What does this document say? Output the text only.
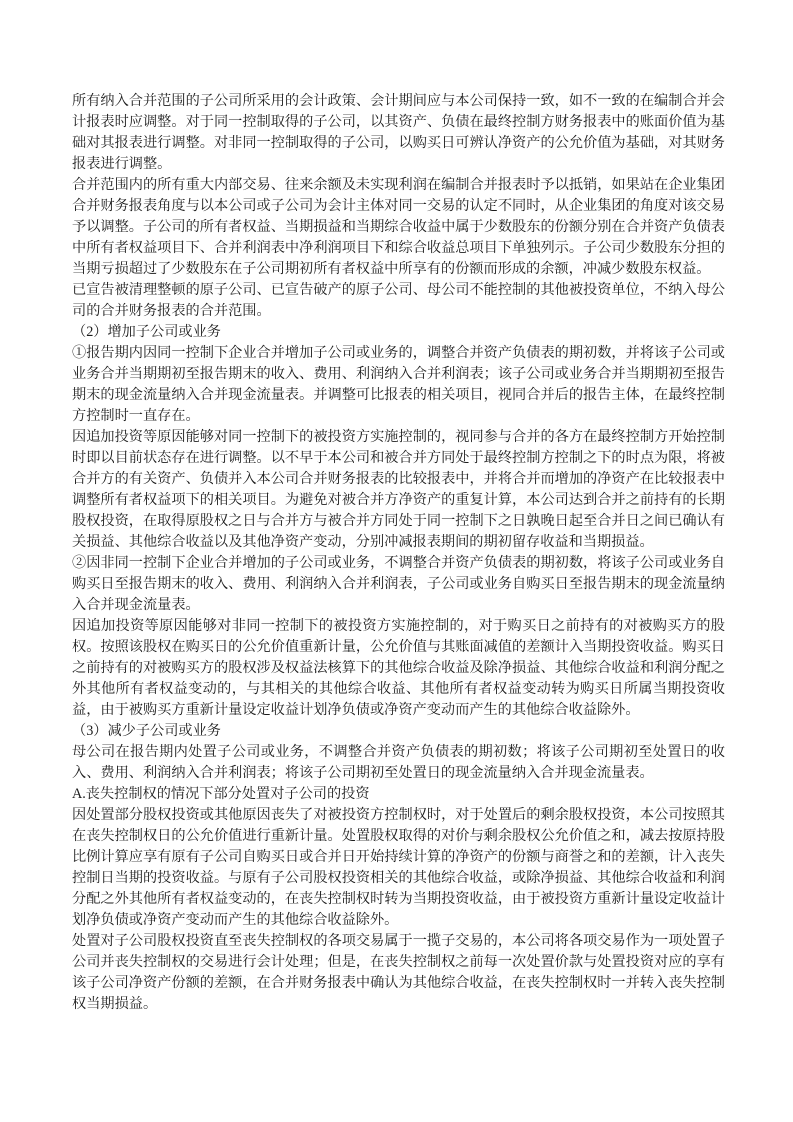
所有纳入合并范围的子公司所采用的会计政策、会计期间应与本公司保持一致，如不一致的在编制合并会计报表时应调整。对于同一控制取得的子公司，以其资产、负债在最终控制方财务报表中的账面价值为基础对其报表进行调整。对非同一控制取得的子公司，以购买日可辨认净资产的公允价值为基础，对其财务报表进行调整。

合并范围内的所有重大内部交易、往来余额及未实现利润在编制合并报表时予以抵销，如果站在企业集团合并财务报表角度与以本公司或子公司为会计主体对同一交易的认定不同时，从企业集团的角度对该交易予以调整。子公司的所有者权益、当期损益和当期综合收益中属于少数股东的份额分别在合并资产负债表中所有者权益项目下、合并利润表中净利润项目下和综合收益总项目下单独列示。子公司少数股东分担的当期亏损超过了少数股东在子公司期初所有者权益中所享有的份额而形成的余额，冲减少数股东权益。

已宣告被清理整顿的原子公司、已宣告破产的原子公司、母公司不能控制的其他被投资单位，不纳入母公司的合并财务报表的合并范围。

（2）增加子公司或业务

①报告期内因同一控制下企业合并增加子公司或业务的，调整合并资产负债表的期初数，并将该子公司或业务合并当期期初至报告期末的收入、费用、利润纳入合并利润表；该子公司或业务合并当期期初至报告期末的现金流量纳入合并现金流量表。并调整可比报表的相关项目，视同合并后的报告主体，在最终控制方控制时一直存在。

因追加投资等原因能够对同一控制下的被投资方实施控制的，视同参与合并的各方在最终控制方开始控制时即以目前状态存在进行调整。以不早于本公司和被合并方同处于最终控制方控制之下的时点为限，将被合并方的有关资产、负债并入本公司合并财务报表的比较报表中，并将合并而增加的净资产在比较报表中调整所有者权益项下的相关项目。为避免对被合并方净资产的重复计算，本公司达到合并之前持有的长期股权投资，在取得原股权之日与合并方与被合并方同处于同一控制下之日孰晚日起至合并日之间已确认有关损益、其他综合收益以及其他净资产变动，分别冲减报表期间的期初留存收益和当期损益。

②因非同一控制下企业合并增加的子公司或业务，不调整合并资产负债表的期初数，将该子公司或业务自购买日至报告期末的收入、费用、利润纳入合并利润表，子公司或业务自购买日至报告期末的现金流量纳入合并现金流量表。

因追加投资等原因能够对非同一控制下的被投资方实施控制的，对于购买日之前持有的对被购买方的股权。按照该股权在购买日的公允价值重新计量，公允价值与其账面减值的差额计入当期投资收益。购买日之前持有的对被购买方的股权涉及权益法核算下的其他综合收益及除净损益、其他综合收益和利润分配之外其他所有者权益变动的，与其相关的其他综合收益、其他所有者权益变动转为购买日所属当期投资收益，由于被购买方重新计量设定收益计划净负债或净资产变动而产生的其他综合收益除外。

（3）减少子公司或业务

母公司在报告期内处置子公司或业务，不调整合并资产负债表的期初数；将该子公司期初至处置日的收入、费用、利润纳入合并利润表；将该子公司期初至处置日的现金流量纳入合并现金流量表。

A.丧失控制权的情况下部分处置对子公司的投资

因处置部分股权投资或其他原因丧失了对被投资方控制权时，对于处置后的剩余股权投资，本公司按照其在丧失控制权日的公允价值进行重新计量。处置股权取得的对价与剩余股权公允价值之和，减去按原持股比例计算应享有原有子公司自购买日或合并日开始持续计算的净资产的份额与商誉之和的差额，计入丧失控制日当期的投资收益。与原有子公司股权投资相关的其他综合收益，或除净损益、其他综合收益和利润分配之外其他所有者权益变动的，在丧失控制权时转为当期投资收益，由于被投资方重新计量设定收益计划净负债或净资产变动而产生的其他综合收益除外。

处置对子公司股权投资直至丧失控制权的各项交易属于一揽子交易的，本公司将各项交易作为一项处置子公司并丧失控制权的交易进行会计处理；但是，在丧失控制权之前每一次处置价款与处置投资对应的享有该子公司净资产份额的差额，在合并财务报表中确认为其他综合收益，在丧失控制权时一并转入丧失控制权当期损益。
